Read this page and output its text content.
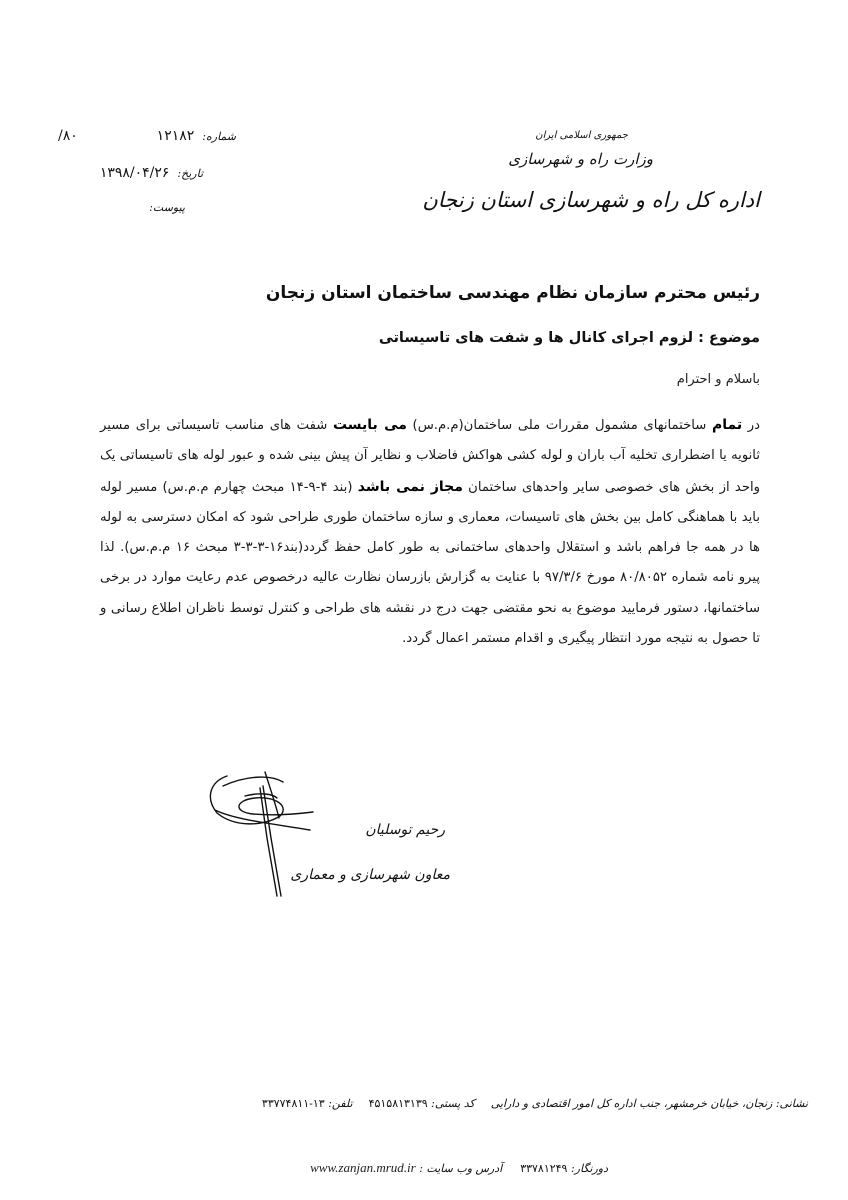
جمهوری اسلامی ایران
وزارت راه و شهرسازی
اداره کل راه و شهرسازی استان زنجان
شماره:
۱۲۱۸۲
۸۰/
تاریخ:
۱۳۹۸/۰۴/۲۶
پیوست:
رئیس محترم سازمان نظام مهندسی ساختمان استان زنجان
موضوع : لزوم اجرای کانال ها و شفت های تاسیساتی
باسلام و احترام
در تمام ساختمانهای مشمول مقررات ملی ساختمان(م.م.س) می بایست شفت های مناسب تاسیساتی برای مسیر ثانویه یا اضطراری تخلیه آب باران و لوله کشی هواکش فاضلاب و نظایر آن پیش بینی شده و عبور لوله های تاسیساتی یک واحد از بخش های خصوصی سایر واحدهای ساختمان مجاز نمی باشد (بند ۴-۹-۱۴ مبحث چهارم م.م.س) مسیر لوله باید با هماهنگی کامل بین بخش های تاسیسات، معماری و سازه ساختمان طوری طراحی شود که امکان دسترسی به لوله ها در همه جا فراهم باشد و استقلال واحدهای ساختمانی به طور کامل حفظ گردد(بند۱۶-۳-۳-۳ مبحث ۱۶ م.م.س). لذا پیرو نامه شماره ۸۰/۸۰۵۲ مورخ ۹۷/۳/۶ با عنایت به گزارش بازرسان نظارت عالیه درخصوص عدم رعایت موارد در برخی ساختمانها، دستور فرمایید موضوع به نحو مقتضی جهت درج در نقشه های طراحی و کنترل توسط ناظران اطلاع رسانی و تا حصول به نتیجه مورد انتظار پیگیری و اقدام مستمر اعمال گردد.
رحیم توسلیان
معاون شهرسازی و معماری
نشانی: زنجان، خیابان خرمشهر، جنب اداره کل امور اقتصادی و دارایی
کد پستی: ۴۵۱۵۸۱۳۱۳۹
تلفن: ۱۳-۳۳۷۷۴۸۱۱
دورنگار: ۳۳۷۸۱۲۴۹
آدرس وب سایت : www.zanjan.mrud.ir
